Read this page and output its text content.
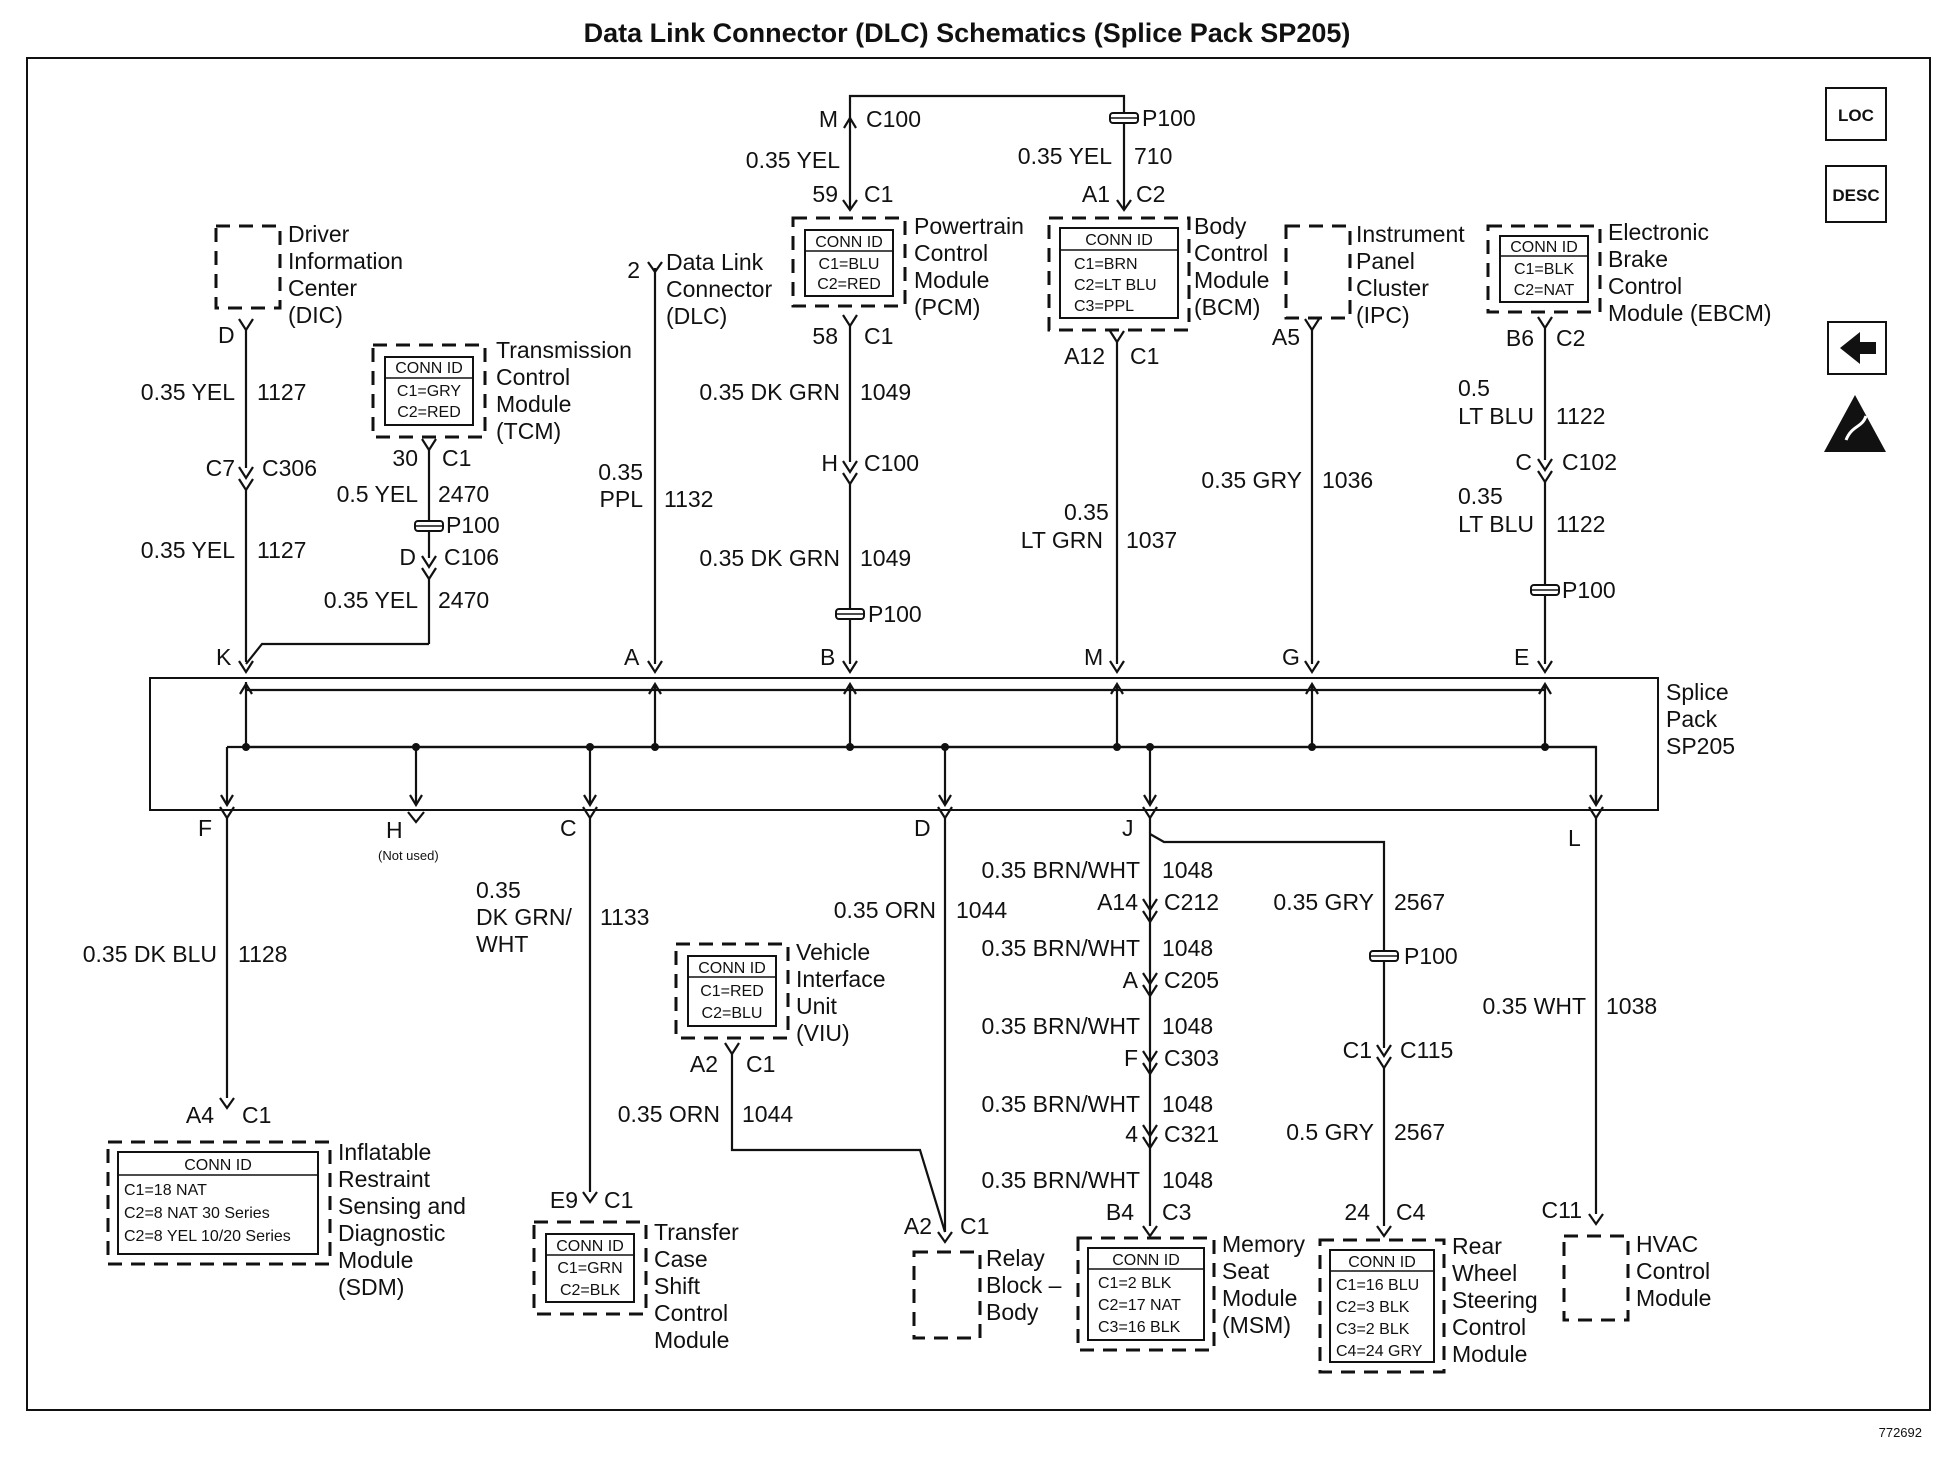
Data Link Connector (DLC) Schematics (Splice Pack SP205)
772692
LOC
DESC
Splice
Pack
SP205
Driver
Information
Center
(DIC)
D
0.35 YEL 1127
C7 C306
0.35 YEL 1127
K
CONN ID
C1=GRY
C2=RED
Transmission
Control
Module
(TCM)
30 C1
0.5 YEL 2470
P100
D C106
0.35 YEL 2470
2 Data Link
Connector
(DLC)
0.35
PPL 1132
A
M C100
0.35 YEL
59 C1
P100
0.35 YEL 710
A1 C2
CONN ID
C1=BLU
C2=RED
Powertrain
Control
Module
(PCM)
58 C1
0.35 DK GRN 1049
H C100
0.35 DK GRN 1049
P100
B
CONN ID
C1=BRN
C2=LT BLU
C3=PPL
Body
Control
Module
(BCM)
A12 C1
0.35
LT GRN 1037
M
Instrument
Panel
Cluster
(IPC)
A5
0.35 GRY 1036
G
CONN ID
C1=BLK
C2=NAT
Electronic
Brake
Control
Module (EBCM)
B6 C2
0.5
LT BLU 1122
C C102
0.35
LT BLU 1122
P100
E
F	H
(Not used)
C	D	J	L
0.35 DK BLU 1128
A4 C1
CONN ID
C1=18 NAT
C2=8 NAT 30 Series
C2=8 YEL 10/20 Series
Inflatable
Restraint
Sensing and
Diagnostic
Module
(SDM)
0.35
DK GRN/
WHT
1133
E9 C1
CONN ID
C1=GRN
C2=BLK
Transfer
Case
Shift
Control
Module
CONN ID
C1=RED
C2=BLU
Vehicle
Interface
Unit
(VIU)
A2 C1
0.35 ORN 1044
0.35 ORN 1044
A2 C1
Relay
Block –
Body
0.35 BRN/WHT 1048
A14 C212
0.35 BRN/WHT 1048
A C205
0.35 BRN/WHT 1048
F C303
0.35 BRN/WHT 1048
4 C321
0.35 BRN/WHT 1048
B4 C3
CONN ID
C1=2 BLK
C2=17 NAT
C3=16 BLK
Memory
Seat
Module
(MSM)
0.35 GRY 2567
P100
C1 C115
0.5 GRY 2567
24 C4
CONN ID
C1=16 BLU
C2=3 BLK
C3=2 BLK
C4=24 GRY
Rear
Wheel
Steering
Control
Module
0.35 WHT 1038
C11
HVAC
Control
Module
